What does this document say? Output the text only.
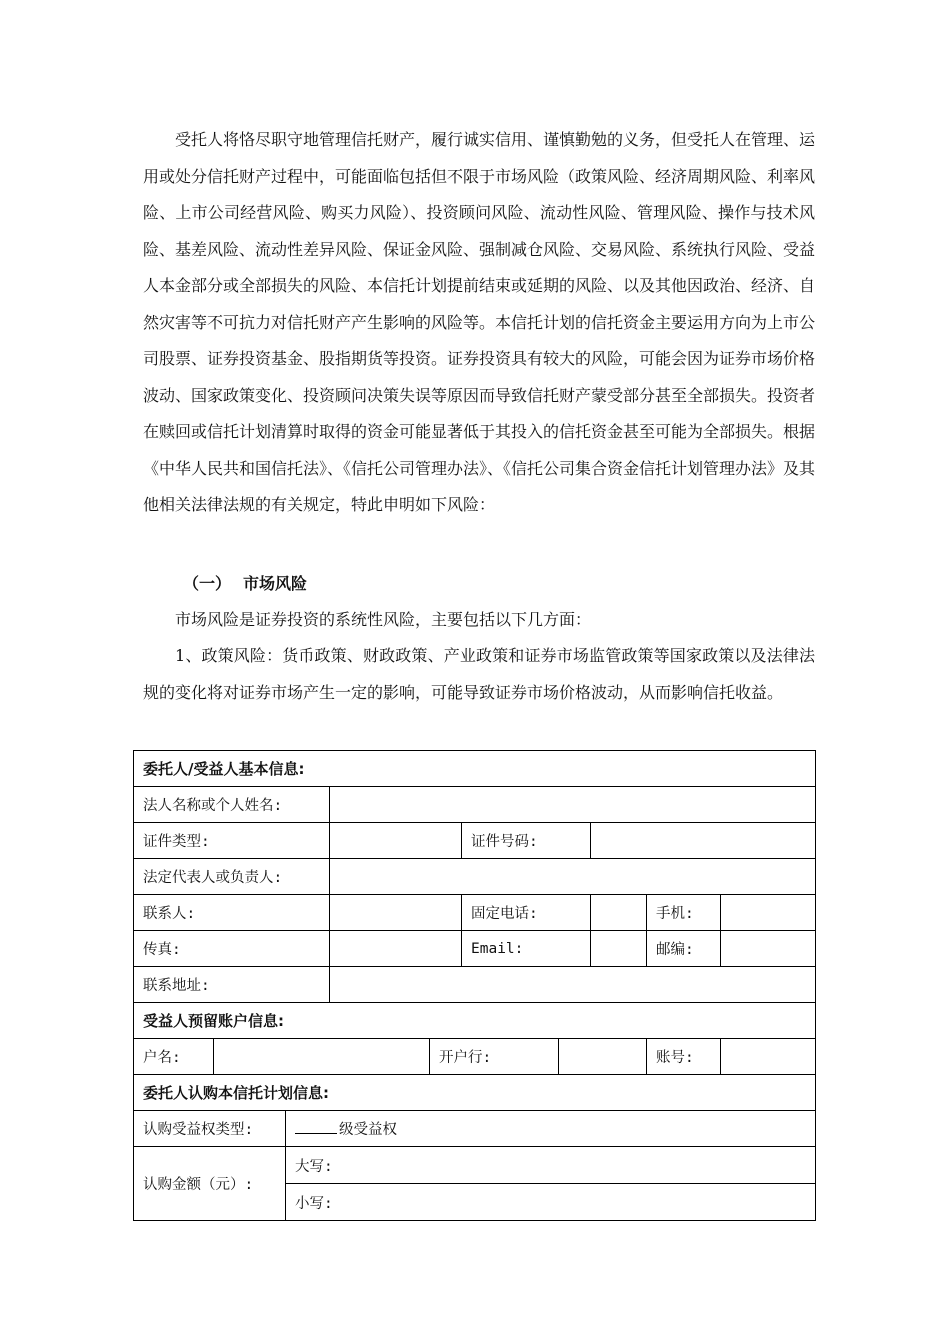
受托人将恪尽职守地管理信托财产，履行诚实信用、谨慎勤勉的义务，但受托人在管理、运用或处分信托财产过程中，可能面临包括但不限于市场风险（政策风险、经济周期风险、利率风险、上市公司经营风险、购买力风险）、投资顾问风险、流动性风险、管理风险、操作与技术风险、基差风险、流动性差异风险、保证金风险、强制减仓风险、交易风险、系统执行风险、受益人本金部分或全部损失的风险、本信托计划提前结束或延期的风险、以及其他因政治、经济、自然灾害等不可抗力对信托财产产生影响的风险等。本信托计划的信托资金主要运用方向为上市公司股票、证券投资基金、股指期货等投资。证券投资具有较大的风险，可能会因为证券市场价格波动、国家政策变化、投资顾问决策失误等原因而导致信托财产蒙受部分甚至全部损失。投资者在赎回或信托计划清算时取得的资金可能显著低于其投入的信托资金甚至可能为全部损失。根据《中华人民共和国信托法》、《信托公司管理办法》、《信托公司集合资金信托计划管理办法》及其他相关法律法规的有关规定，特此申明如下风险：

（一） 市场风险

市场风险是证券投资的系统性风险，主要包括以下几方面：

1、政策风险：货币政策、财政政策、产业政策和证券市场监管政策等国家政策以及法律法规的变化将对证券市场产生一定的影响，可能导致证券市场价格波动，从而影响信托收益。

委托人/受益人基本信息:									
法人名称或个人姓名:									
证件类型:					证件号码:				
法定代表人或负责人:									
联系人:					固定电话:			手机:	
传真:					Email:			邮编:	
联系地址:									
受益人预留账户信息:									
户名:				开户行:				账号:	
委托人认购本信托计划信息:									
认购受益权类型:		级受益权							
认购金额（元）:		大写:							
		小写:							
